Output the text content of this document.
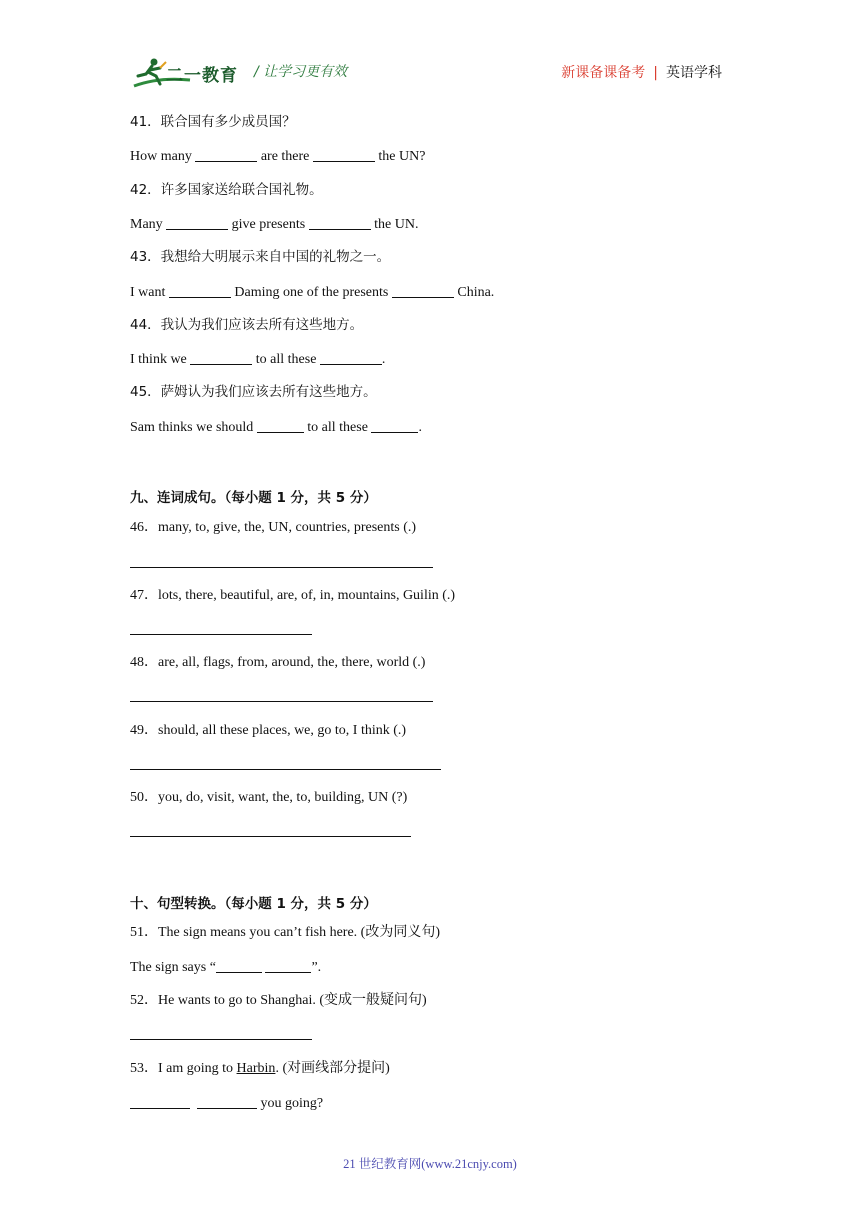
二一教育 / 让学习更有效	新课备课备考 | 英语学科
41．联合国有多少成员国？
How many	are there	the UN?
42．许多国家送给联合国礼物。
Many	give presents	the UN.
43．我想给大明展示来自中国的礼物之一。
I want	Daming one of the presents	China.
44．我认为我们应该去所有这些地方。
I think we	to all these	.
45．萨姆认为我们应该去所有这些地方。
Sam thinks we should	to all these	.
九、连词成句。（每小题 1 分，共 5 分）
46．many, to, give, the, UN, countries, presents (.)
47．lots, there, beautiful, are, of, in, mountains, Guilin (.)
48．are, all, flags, from, around, the, there, world (.)
49．should, all these places, we, go to, I think (.)
50．you, do, visit, want, the, to, building, UN (?)
十、句型转换。（每小题 1 分，共 5 分）
51．The sign means you can’t fish here. (改为同义句)
The sign says “	”.
52．He wants to go to Shanghai. (变成一般疑问句)
53．I am going to Harbin. (对画线部分提问)
you going?
21 世纪教育网(www.21cnjy.com)
